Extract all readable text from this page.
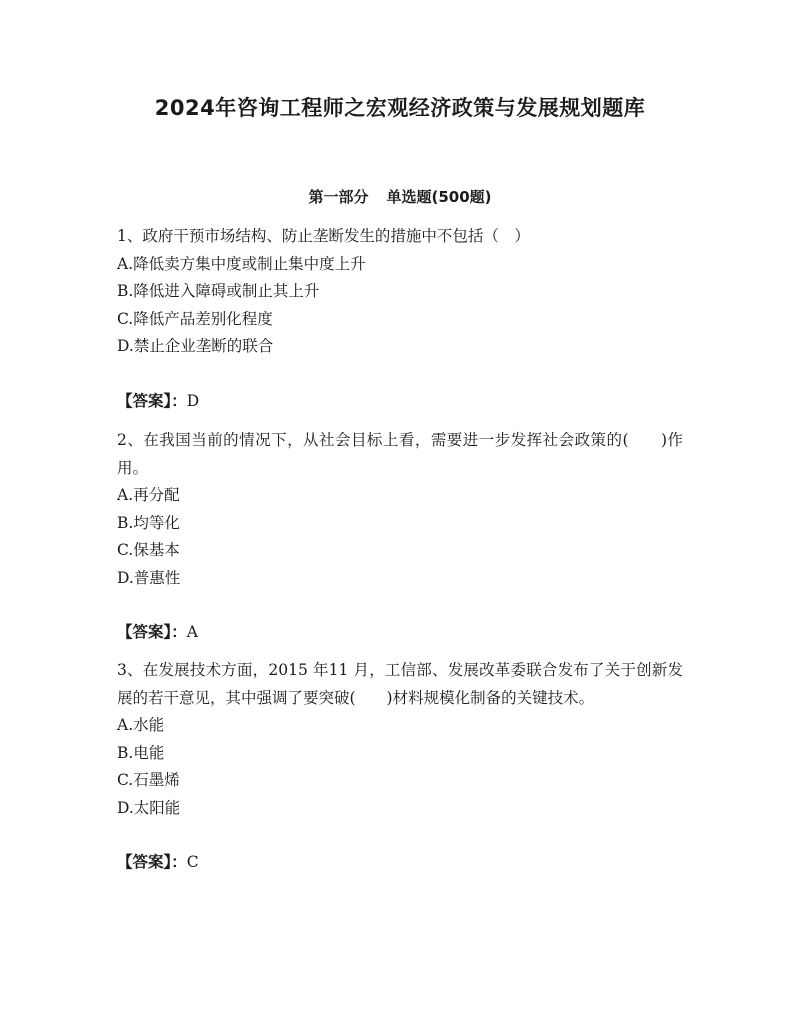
2024年咨询工程师之宏观经济政策与发展规划题库
第一部分 单选题(500题)
1、政府干预市场结构、防止垄断发生的措施中不包括（　）
A.降低卖方集中度或制止集中度上升
B.降低进入障碍或制止其上升
C.降低产品差别化程度
D.禁止企业垄断的联合
【答案】：D
2、在我国当前的情况下，从社会目标上看，需要进一步发挥社会政策的(　　)作用。
A.再分配
B.均等化
C.保基本
D.普惠性
【答案】：A
3、在发展技术方面，2015 年11 月，工信部、发展改革委联合发布了关于创新发展的若干意见，其中强调了要突破(　　)材料规模化制备的关键技术。
A.水能
B.电能
C.石墨烯
D.太阳能
【答案】：C
